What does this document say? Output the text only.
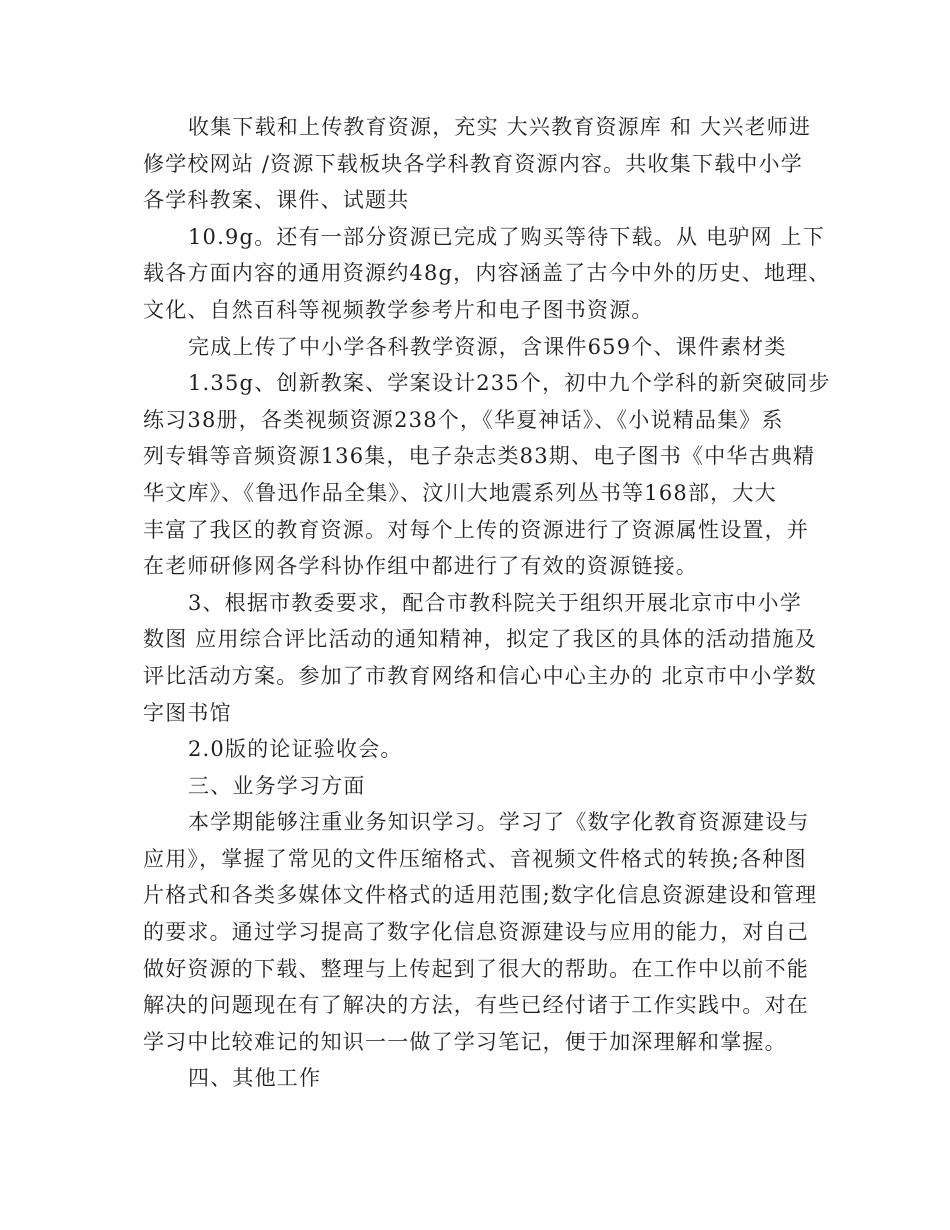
收集下载和上传教育资源，充实 大兴教育资源库 和 大兴老师进
修学校网站 /资源下载板块各学科教育资源内容。共收集下载中小学
各学科教案、课件、试题共
10.9g。还有一部分资源已完成了购买等待下载。从 电驴网 上下
载各方面内容的通用资源约48g，内容涵盖了古今中外的历史、地理、
文化、自然百科等视频教学参考片和电子图书资源。
完成上传了中小学各科教学资源，含课件659个、课件素材类
1.35g、创新教案、学案设计235个，初中九个学科的新突破同步
练习38册，各类视频资源238个，《华夏神话》、《小说精品集》系
列专辑等音频资源136集，电子杂志类83期、电子图书《中华古典精
华文库》、《鲁迅作品全集》、汶川大地震系列丛书等168部，大大
丰富了我区的教育资源。对每个上传的资源进行了资源属性设置，并
在老师研修网各学科协作组中都进行了有效的资源链接。
3、根据市教委要求，配合市教科院关于组织开展北京市中小学
数图 应用综合评比活动的通知精神，拟定了我区的具体的活动措施及
评比活动方案。参加了市教育网络和信心中心主办的 北京市中小学数
字图书馆
2.0版的论证验收会。
三、业务学习方面
本学期能够注重业务知识学习。学习了《数字化教育资源建设与
应用》，掌握了常见的文件压缩格式、音视频文件格式的转换;各种图
片格式和各类多媒体文件格式的适用范围;数字化信息资源建设和管理
的要求。通过学习提高了数字化信息资源建设与应用的能力，对自己
做好资源的下载、整理与上传起到了很大的帮助。在工作中以前不能
解决的问题现在有了解决的方法，有些已经付诸于工作实践中。对在
学习中比较难记的知识一一做了学习笔记，便于加深理解和掌握。
四、其他工作
